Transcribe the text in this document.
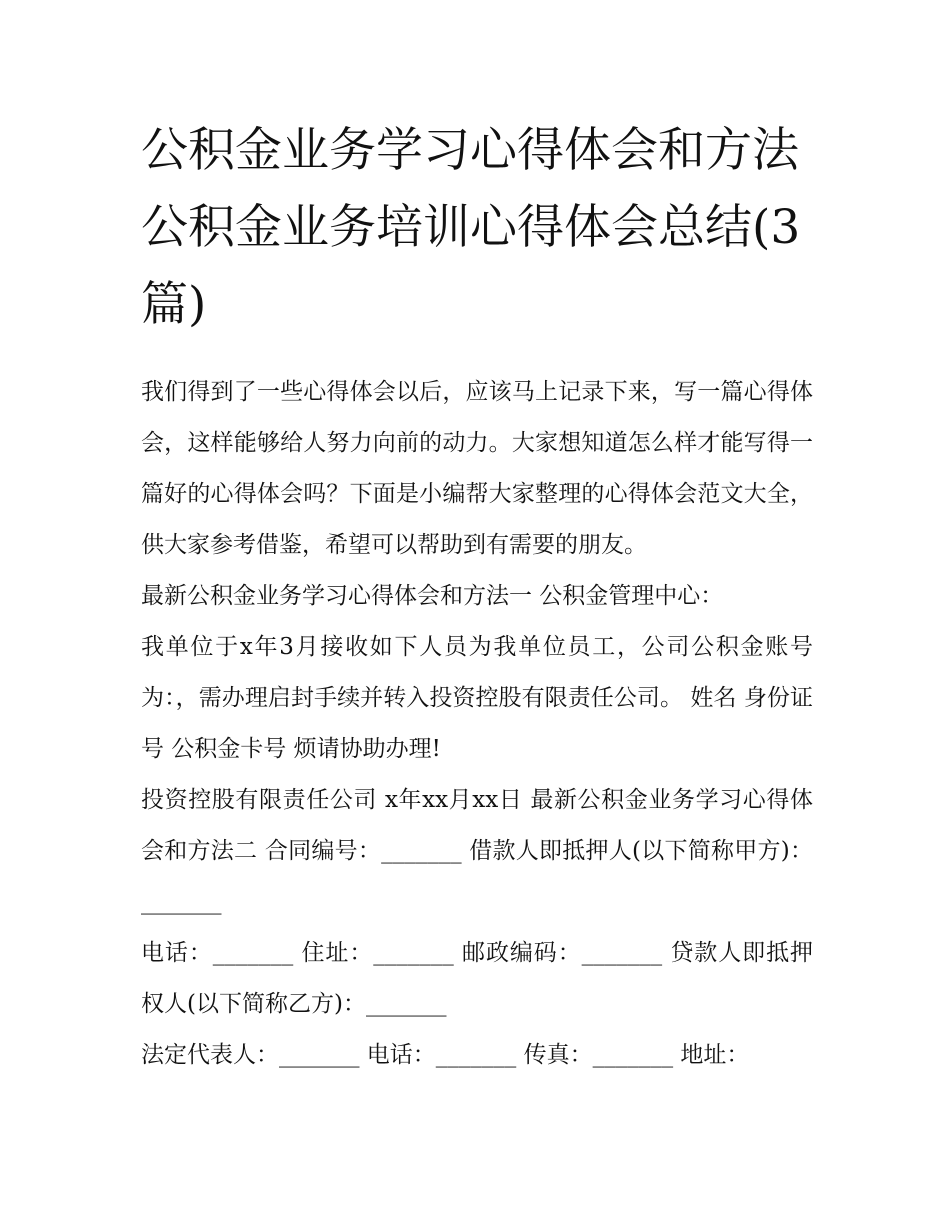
公积金业务学习心得体会和方法 公积金业务培训心得体会总结(3篇)

我们得到了一些心得体会以后，应该马上记录下来，写一篇心得体会，这样能够给人努力向前的动力。大家想知道怎么样才能写得一篇好的心得体会吗？下面是小编帮大家整理的心得体会范文大全，供大家参考借鉴，希望可以帮助到有需要的朋友。

最新公积金业务学习心得体会和方法一 公积金管理中心：

我单位于x年3月接收如下人员为我单位员工，公司公积金账号为：，需办理启封手续并转入投资控股有限责任公司。 姓名 身份证号 公积金卡号 烦请协助办理!

投资控股有限责任公司 x年xx月xx日 最新公积金业务学习心得体会和方法二 合同编号：_______ 借款人即抵押人(以下简称甲方)：_______

电话：_______ 住址：_______ 邮政编码：_______ 贷款人即抵押权人(以下简称乙方)：_______

法定代表人：_______ 电话：_______ 传真：_______ 地址：
